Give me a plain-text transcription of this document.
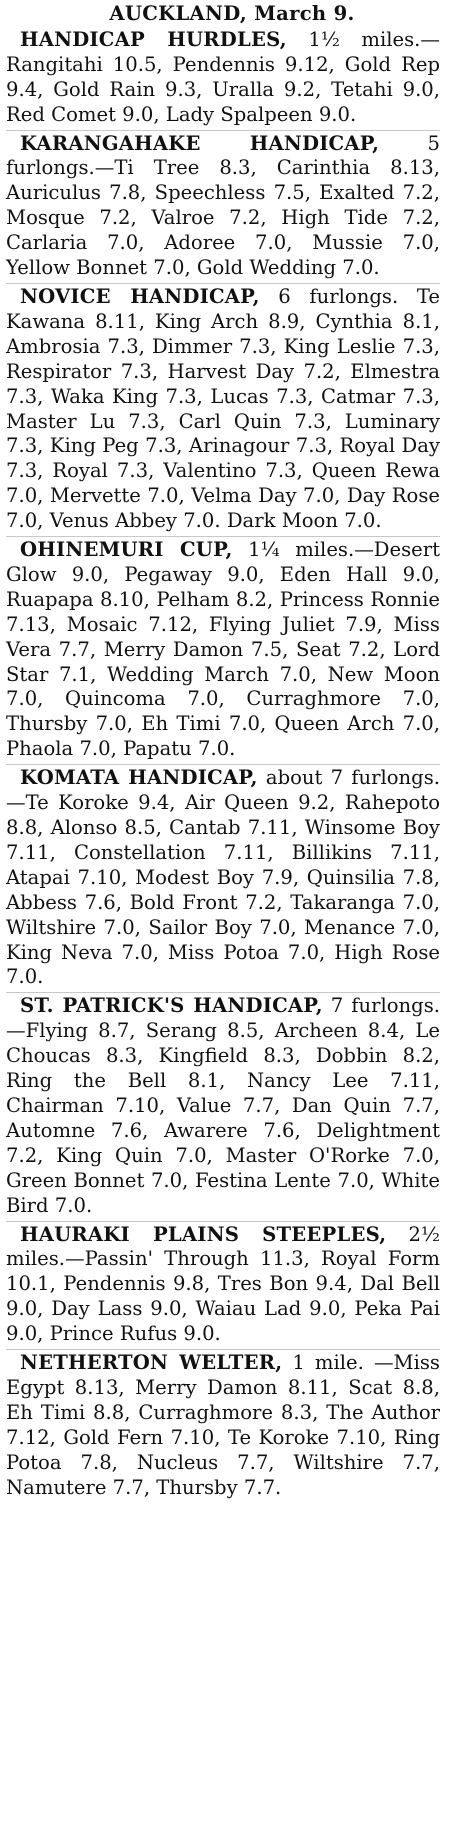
AUCKLAND, March 9.

HANDICAP HURDLES, 1½ miles.—Rangitahi 10.5, Pendennis 9.12, Gold Rep 9.4, Gold Rain 9.3, Uralla 9.2, Tetahi 9.0, Red Comet 9.0, Lady Spalpeen 9.0.

KARANGAHAKE HANDICAP, 5 furlongs.—Ti Tree 8.3, Carinthia 8.13, Auriculus 7.8, Speechless 7.5, Exalted 7.2, Mosque 7.2, Valroe 7.2, High Tide 7.2, Carlaria 7.0, Adoree 7.0, Mussie 7.0, Yellow Bonnet 7.0, Gold Wedding 7.0.

NOVICE HANDICAP, 6 furlongs. Te Kawana 8.11, King Arch 8.9, Cynthia 8.1, Ambrosia 7.3, Dimmer 7.3, King Leslie 7.3, Respirator 7.3, Harvest Day 7.2, Elmestra 7.3, Waka King 7.3, Lucas 7.3, Catmar 7.3, Master Lu 7.3, Carl Quin 7.3, Luminary 7.3, King Peg 7.3, Arinagour 7.3, Royal Day 7.3, Royal 7.3, Valentino 7.3, Queen Rewa 7.0, Mervette 7.0, Velma Day 7.0, Day Rose 7.0, Venus Abbey 7.0. Dark Moon 7.0.

OHINEMURI CUP, 1¼ miles.—Desert Glow 9.0, Pegaway 9.0, Eden Hall 9.0, Ruapapa 8.10, Pelham 8.2, Princess Ronnie 7.13, Mosaic 7.12, Flying Juliet 7.9, Miss Vera 7.7, Merry Damon 7.5, Seat 7.2, Lord Star 7.1, Wedding March 7.0, New Moon 7.0, Quincoma 7.0, Curraghmore 7.0, Thursby 7.0, Eh Timi 7.0, Queen Arch 7.0, Phaola 7.0, Papatu 7.0.

KOMATA HANDICAP, about 7 furlongs.—Te Koroke 9.4, Air Queen 9.2, Rahepoto 8.8, Alonso 8.5, Cantab 7.11, Winsome Boy 7.11, Constellation 7.11, Billikins 7.11, Atapai 7.10, Modest Boy 7.9, Quinsilia 7.8, Abbess 7.6, Bold Front 7.2, Takaranga 7.0, Wiltshire 7.0, Sailor Boy 7.0, Menance 7.0, King Neva 7.0, Miss Potoa 7.0, High Rose 7.0.

ST. PATRICK'S HANDICAP, 7 furlongs.—Flying 8.7, Serang 8.5, Archeen 8.4, Le Choucas 8.3, Kingfield 8.3, Dobbin 8.2, Ring the Bell 8.1, Nancy Lee 7.11, Chairman 7.10, Value 7.7, Dan Quin 7.7, Automne 7.6, Awarere 7.6, Delightment 7.2, King Quin 7.0, Master O'Rorke 7.0, Green Bonnet 7.0, Festina Lente 7.0, White Bird 7.0.

HAURAKI PLAINS STEEPLES, 2½ miles.—Passin' Through 11.3, Royal Form 10.1, Pendennis 9.8, Tres Bon 9.4, Dal Bell 9.0, Day Lass 9.0, Waiau Lad 9.0, Peka Pai 9.0, Prince Rufus 9.0.

NETHERTON WELTER, 1 mile. —Miss Egypt 8.13, Merry Damon 8.11, Scat 8.8, Eh Timi 8.8, Curraghmore 8.3, The Author 7.12, Gold Fern 7.10, Te Koroke 7.10, Ring Potoa 7.8, Nucleus 7.7, Wiltshire 7.7, Namutere 7.7, Thursby 7.7.
